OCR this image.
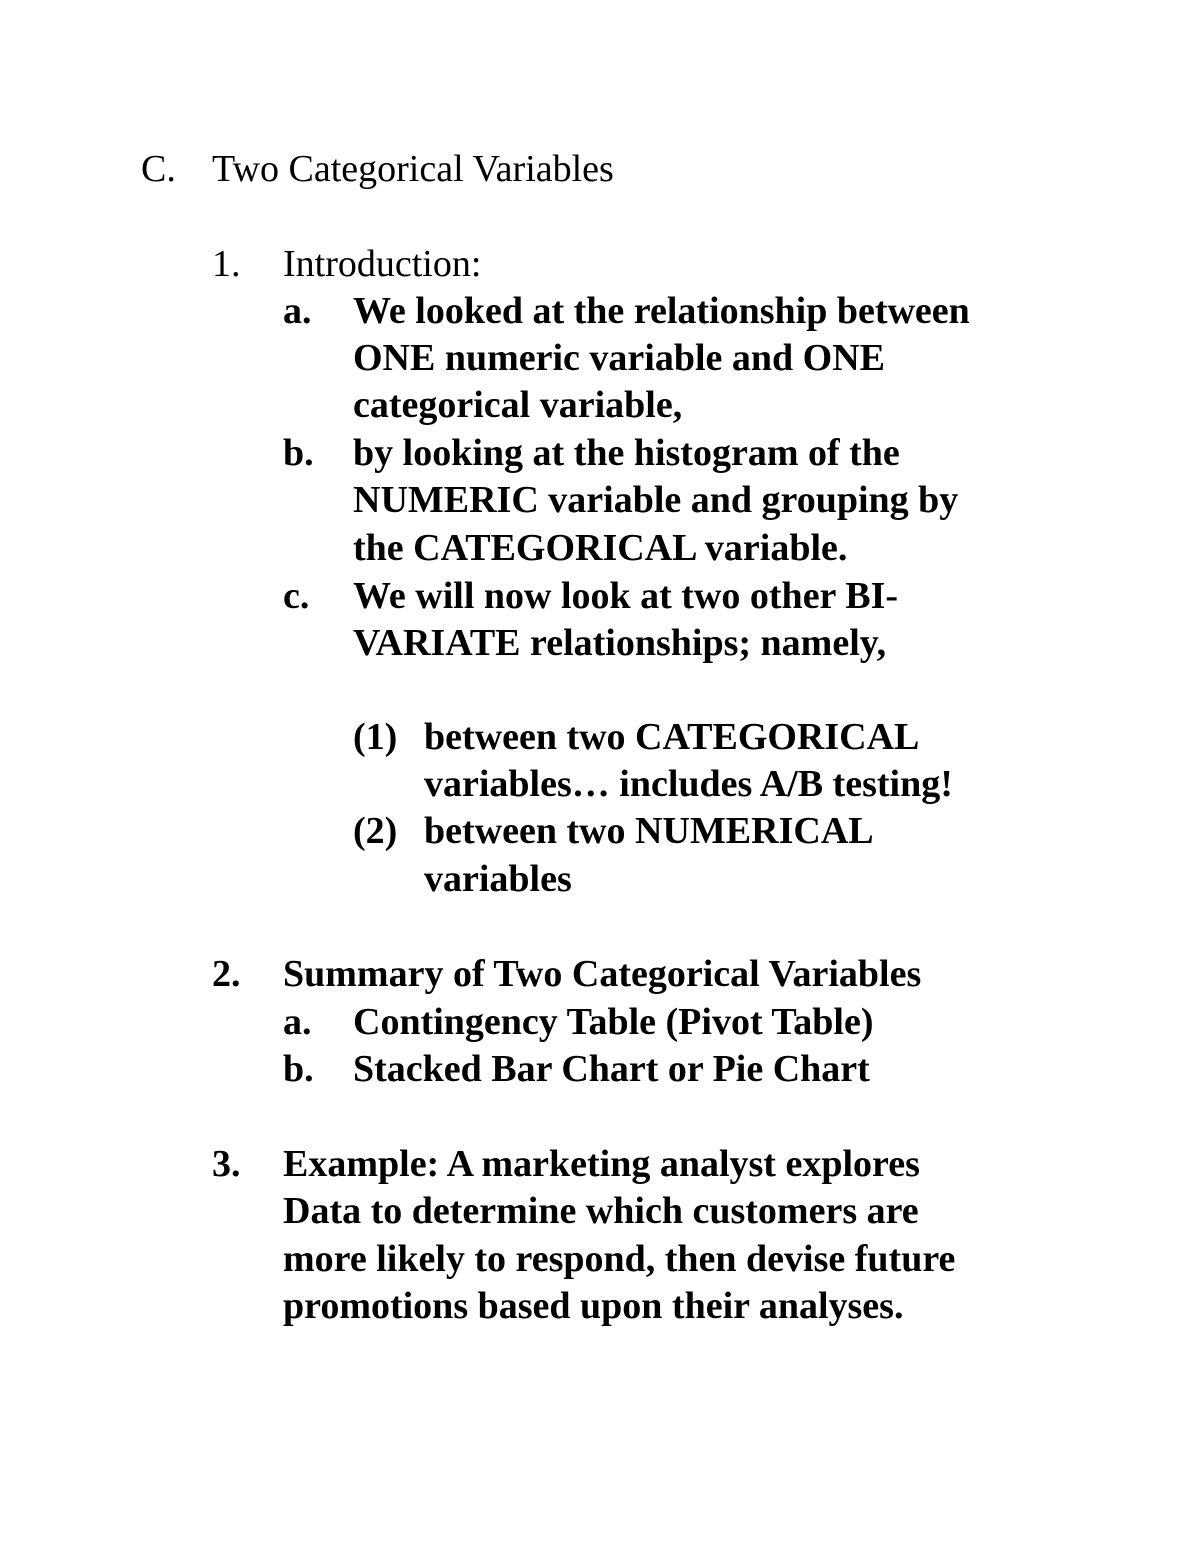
C. Two Categorical Variables
1. Introduction:
a. We looked at the relationship between
ONE numeric variable and ONE
categorical variable,
b. by looking at the histogram of the
NUMERIC variable and grouping by
the CATEGORICAL variable.
c. We will now look at two other BI-
VARIATE relationships; namely,
(1) between two CATEGORICAL
variables… includes A/B testing!
(2) between two NUMERICAL
variables
2. Summary of Two Categorical Variables
a. Contingency Table (Pivot Table)
b. Stacked Bar Chart or Pie Chart
3. Example: A marketing analyst explores
Data to determine which customers are
more likely to respond, then devise future
promotions based upon their analyses.
